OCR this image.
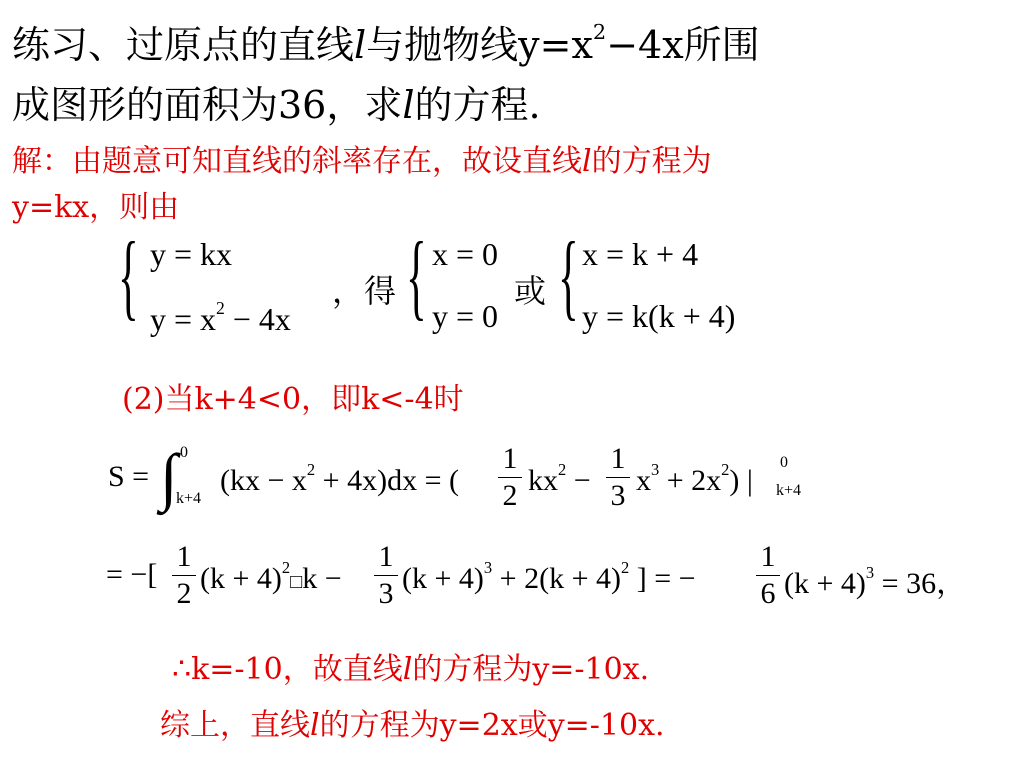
练习、过原点的直线l与抛物线$y=x^2-4x$所围
成图形的面积为36，求l的方程.
解：由题意可知直线的斜率存在，故设直线l的方程为
y=kx，则由
{ y = kx
$y = x^2 - 4x$
，得 { x = 0
y = 0
或 { x = k + 4
y = k(k + 4)
(2)当k+4<0，即k<-4时
S = ∫ 0
k+4
$(kx - x^2 + 4x)dx$ = (
1
2 $kx^2$ −
1
3 $x^3 + 2x^2$) |
0
k+4
= −[
1
2 $(k + 4)^2□k$ −
1
3 $(k + 4)^3 + 2(k + 4)^2$ ] = −
1
6 $(k + 4)^3 = 36$，
∴k=-10，故直线l的方程为y=-10x.
综上，直线l的方程为y=2x或y=-10x.
